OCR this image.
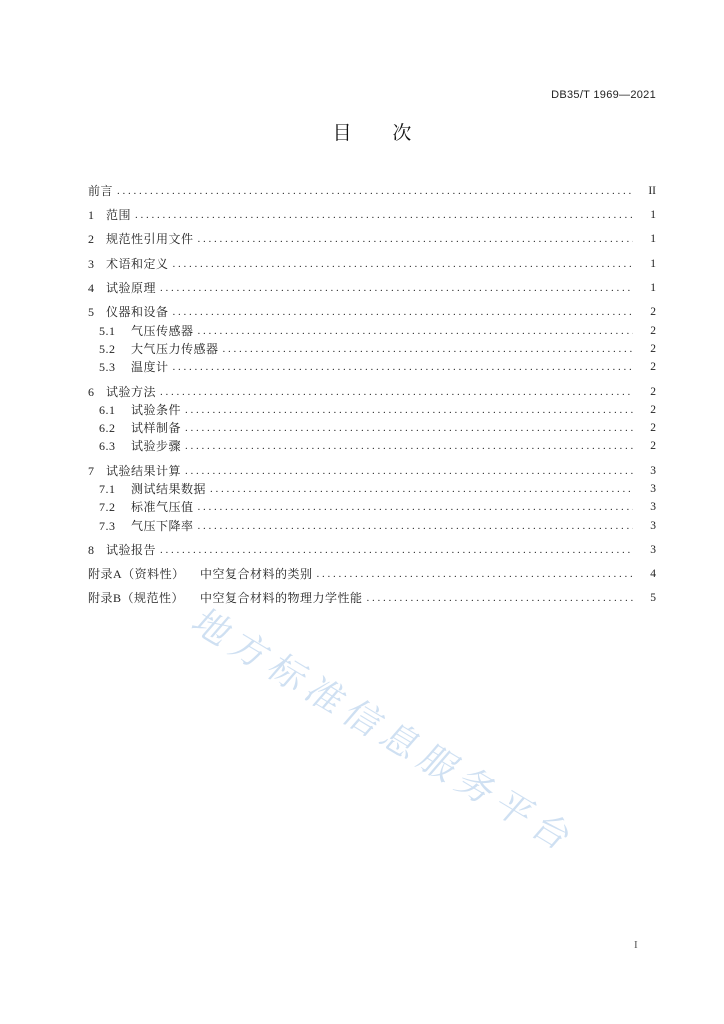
DB35/T 1969—2021
目 次
前言 . . .	II
1 范围 . . .	1
2 规范性引用文件 . . .	1
3 术语和定义 . . .	1
4 试验原理 . . .	1
5 仪器和设备 . . .	2
5.1	气压传感器 . . .	2
5.2	大气压力传感器 . . .	2
5.3	温度计 . . .	2
6 试验方法 . . .	2
6.1	试验条件 . . .	2
6.2	试样制备 . . .	2
6.3	试验步骤 . . .	2
7 试验结果计算 . . .	3
7.1	测试结果数据 . . .	3
7.2	标准气压值 . . .	3
7.3	气压下降率 . . .	3
8 试验报告 . . .	3
附录A（资料性）	中空复合材料的类别 . . .	4
附录B（规范性）	中空复合材料的物理力学性能 . . .	5
地方标准信息服务平台
I
